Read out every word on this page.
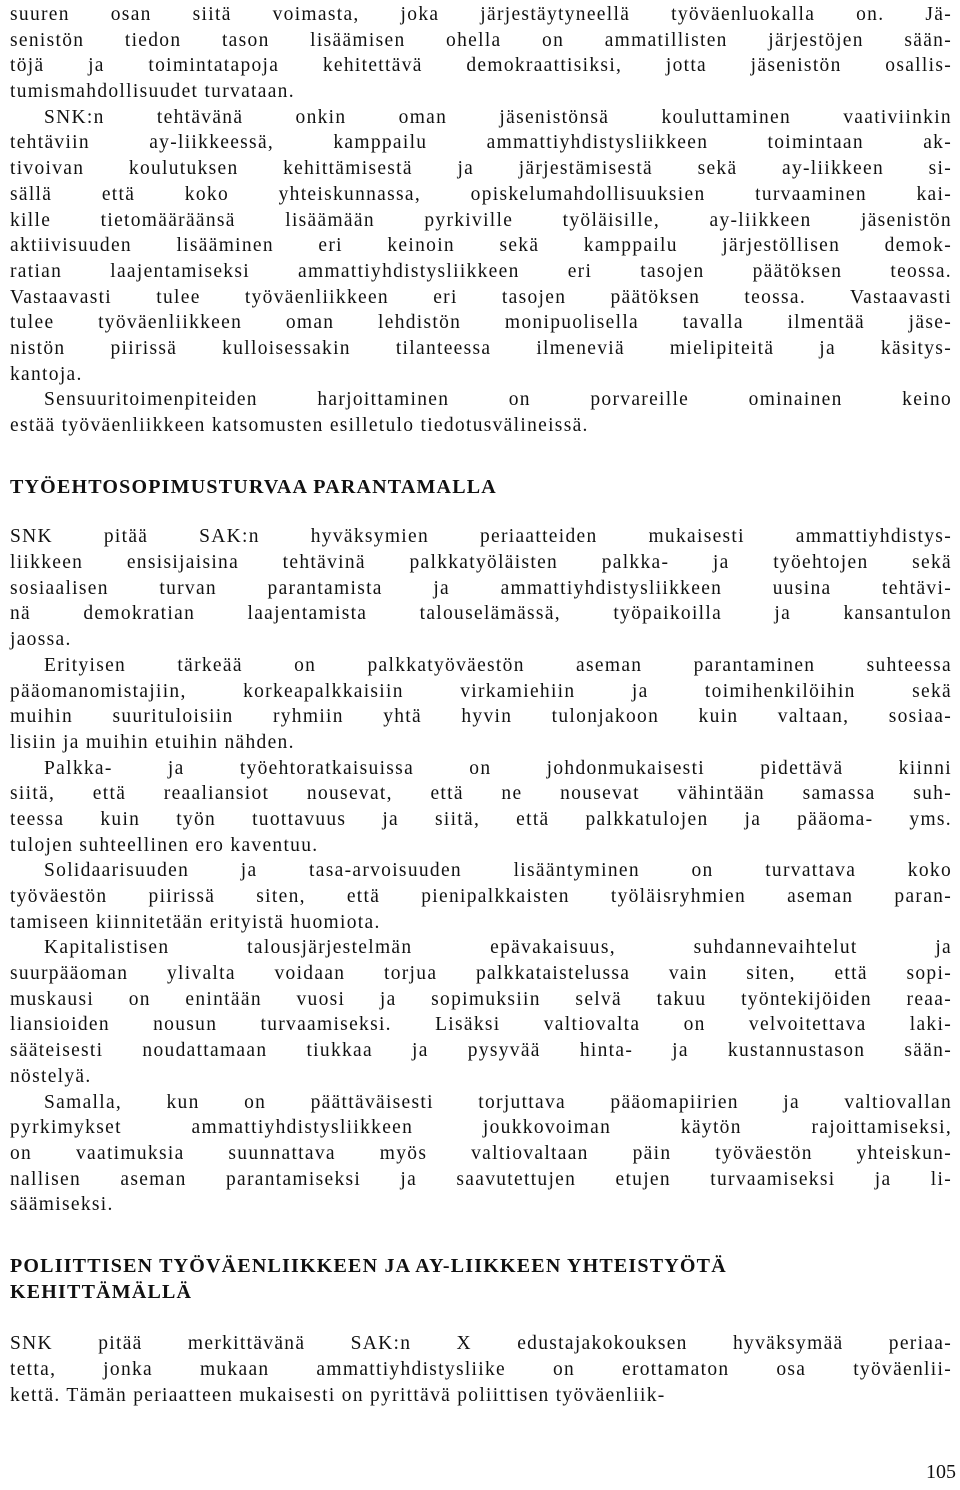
suuren osan siitä voimasta, joka järjestäytyneellä työväenluokalla on. Jä-
senistön tiedon tason lisäämisen ohella on ammatillisten järjestöjen sään-
töjä ja toimintatapoja kehitettävä demokraattisiksi, jotta jäsenistön osallis-
tumismahdollisuudet turvataan.
SNK:n tehtävänä onkin oman jäsenistönsä kouluttaminen vaativiinkin
tehtäviin ay-liikkeessä, kamppailu ammattiyhdistysliikkeen toimintaan ak-
tivoivan koulutuksen kehittämisestä ja järjestämisestä sekä ay-liikkeen si-
sällä että koko yhteiskunnassa, opiskelumahdollisuuksien turvaaminen kai-
kille tietomääräänsä lisäämään pyrkiville työläisille, ay-liikkeen jäsenistön
aktiivisuuden lisääminen eri keinoin sekä kamppailu järjestöllisen demok-
ratian laajentamiseksi ammattiyhdistysliikkeen eri tasojen päätöksen teossa.
Vastaavasti tulee työväenliikkeen eri tasojen päätöksen teossa. Vastaavasti
tulee työväenliikkeen oman lehdistön monipuolisella tavalla ilmentää jäse-
nistön piirissä kulloisessakin tilanteessa ilmeneviä mielipiteitä ja käsitys-
kantoja.
Sensuuritoimenpiteiden harjoittaminen on porvareille ominainen keino
estää työväenliikkeen katsomusten esilletulo tiedotusvälineissä.
TYÖEHTOSOPIMUSTURVAA PARANTAMALLA
SNK pitää SAK:n hyväksymien periaatteiden mukaisesti ammattiyhdistys-
liikkeen ensisijaisina tehtävinä palkkatyöläisten palkka- ja työehtojen sekä
sosiaalisen turvan parantamista ja ammattiyhdistysliikkeen uusina tehtävi-
nä demokratian laajentamista talouselämässä, työpaikoilla ja kansantulon
jaossa.
Erityisen tärkeää on palkkatyöväestön aseman parantaminen suhteessa
pääomanomistajiin, korkeapalkkaisiin virkamiehiin ja toimihenkilöihin sekä
muihin suurituloisiin ryhmiin yhtä hyvin tulonjakoon kuin valtaan, sosiaa-
lisiin ja muihin etuihin nähden.
Palkka- ja työehtoratkaisuissa on johdonmukaisesti pidettävä kiinni
siitä, että reaaliansiot nousevat, että ne nousevat vähintään samassa suh-
teessa kuin työn tuottavuus ja siitä, että palkkatulojen ja pääoma- yms.
tulojen suhteellinen ero kaventuu.
Solidaarisuuden ja tasa-arvoisuuden lisääntyminen on turvattava koko
työväestön piirissä siten, että pienipalkkaisten työläisryhmien aseman paran-
tamiseen kiinnitetään erityistä huomiota.
Kapitalistisen talousjärjestelmän epävakaisuus, suhdannevaihtelut ja
suurpääoman ylivalta voidaan torjua palkkataistelussa vain siten, että sopi-
muskausi on enintään vuosi ja sopimuksiin selvä takuu työntekijöiden reaa-
liansioiden nousun turvaamiseksi. Lisäksi valtiovalta on velvoitettava laki-
sääteisesti noudattamaan tiukkaa ja pysyvää hinta- ja kustannustason sään-
nöstelyä.
Samalla, kun on päättäväisesti torjuttava pääomapiirien ja valtiovallan
pyrkimykset ammattiyhdistysliikkeen joukkovoiman käytön rajoittamiseksi,
on vaatimuksia suunnattava myös valtiovaltaan päin työväestön yhteiskun-
nallisen aseman parantamiseksi ja saavutettujen etujen turvaamiseksi ja li-
säämiseksi.
POLIITTISEN TYÖVÄENLIIKKEEN JA AY-LIIKKEEN YHTEISTYÖTÄ
KEHITTÄMÄLLÄ
SNK pitää merkittävänä SAK:n X edustajakokouksen hyväksymää periaa-
tetta, jonka mukaan ammattiyhdistysliike on erottamaton osa työväenlii-
kettä. Tämän periaatteen mukaisesti on pyrittävä poliittisen työväenliik-
105
